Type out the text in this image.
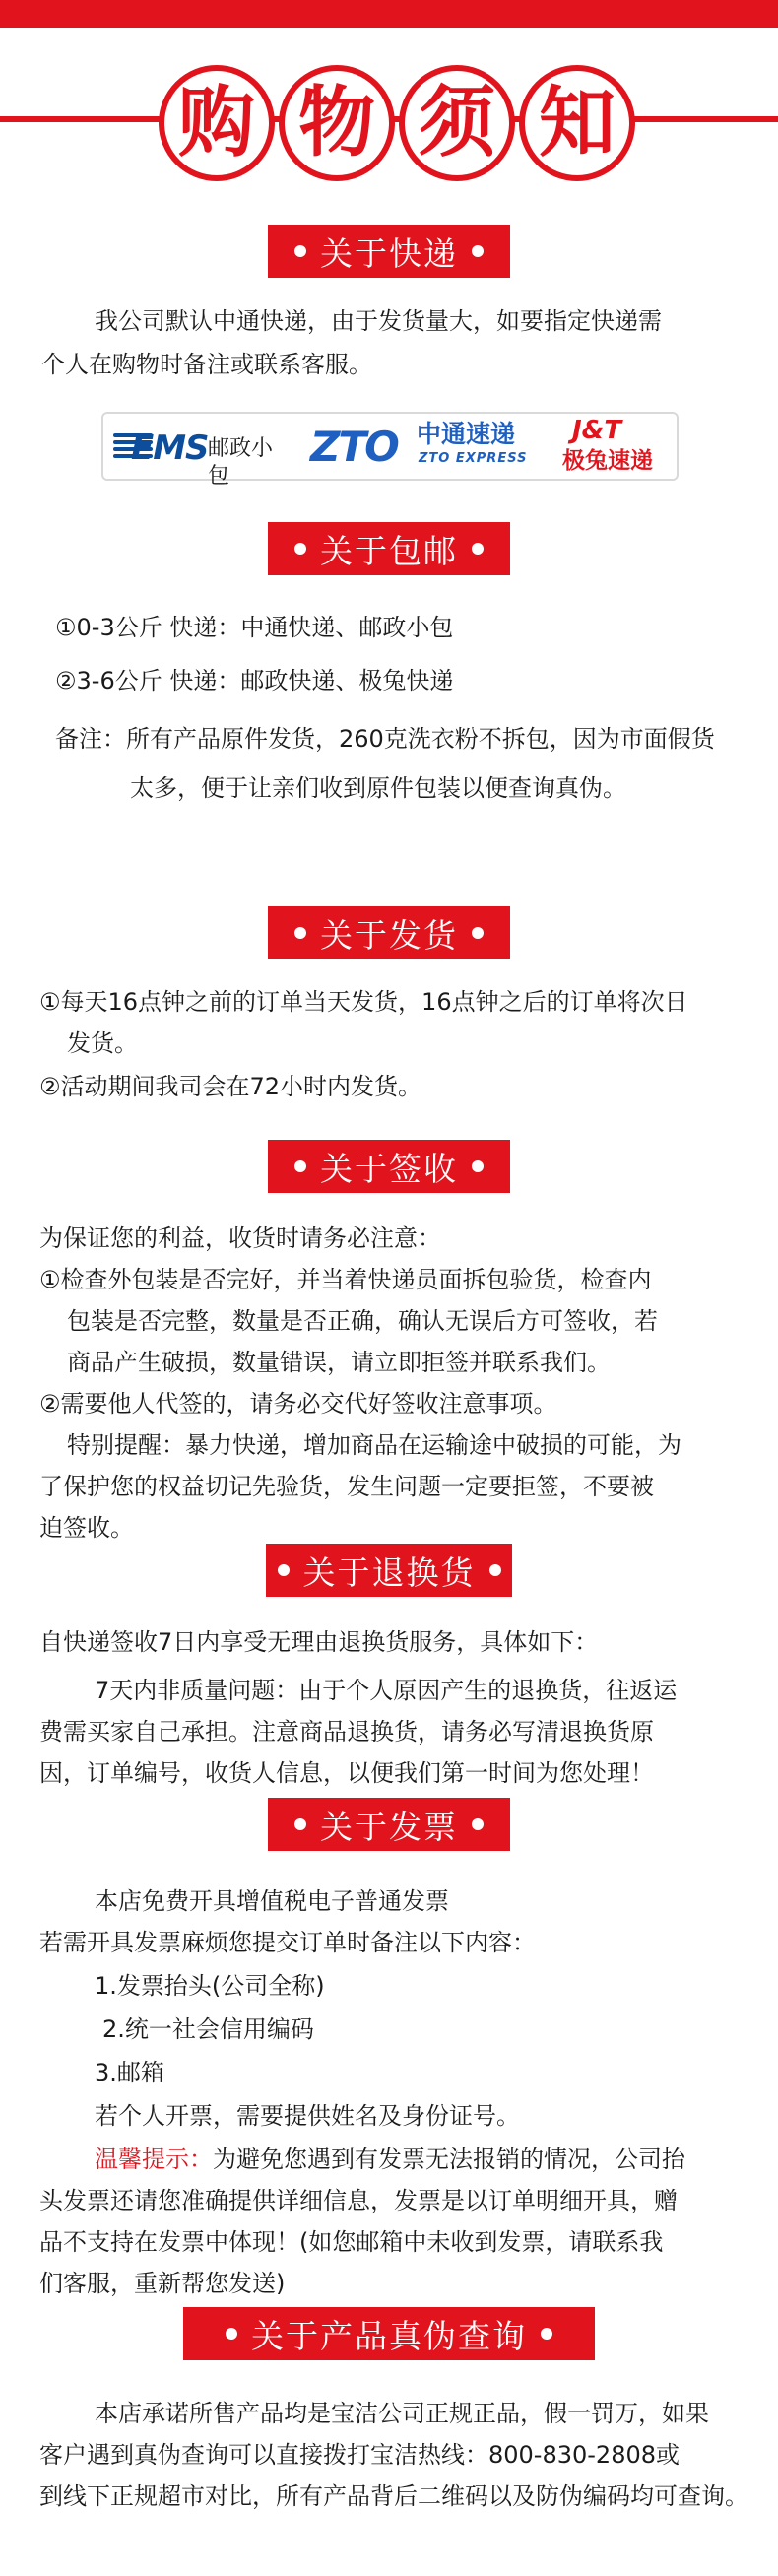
购 物 须 知
关于快递
我公司默认中通快递，由于发货量大，如要指定快递需
个人在购物时备注或联系客服。
EMS 邮政小包
ZTO 中通速递
ZTO EXPRESS
J&T
极兔速递
关于包邮
①0-3公斤 快递：中通快递、邮政小包
②3-6公斤 快递：邮政快递、极兔快递
备注：所有产品原件发货，260克洗衣粉不拆包，因为市面假货
太多，便于让亲们收到原件包装以便查询真伪。
关于发货
①每天16点钟之前的订单当天发货，16点钟之后的订单将次日
发货。
②活动期间我司会在72小时内发货。
关于签收
为保证您的利益，收货时请务必注意：
①检查外包装是否完好，并当着快递员面拆包验货，检查内
包装是否完整，数量是否正确，确认无误后方可签收，若
商品产生破损，数量错误，请立即拒签并联系我们。
②需要他人代签的，请务必交代好签收注意事项。
特别提醒：暴力快递，增加商品在运输途中破损的可能，为
了保护您的权益切记先验货，发生问题一定要拒签，不要被
迫签收。
关于退换货
自快递签收7日内享受无理由退换货服务，具体如下：
7天内非质量问题：由于个人原因产生的退换货，往返运
费需买家自己承担。注意商品退换货，请务必写清退换货原
因，订单编号，收货人信息，以便我们第一时间为您处理！
关于发票
本店免费开具增值税电子普通发票
若需开具发票麻烦您提交订单时备注以下内容：
1.发票抬头(公司全称)
2.统一社会信用编码
3.邮箱
若个人开票，需要提供姓名及身份证号。
温馨提示：为避免您遇到有发票无法报销的情况，公司抬
头发票还请您准确提供详细信息，发票是以订单明细开具，赠
品不支持在发票中体现！(如您邮箱中未收到发票，请联系我
们客服，重新帮您发送)
关于产品真伪查询
本店承诺所售产品均是宝洁公司正规正品，假一罚万，如果
客户遇到真伪查询可以直接拨打宝洁热线：800-830-2808或
到线下正规超市对比，所有产品背后二维码以及防伪编码均可查询。
